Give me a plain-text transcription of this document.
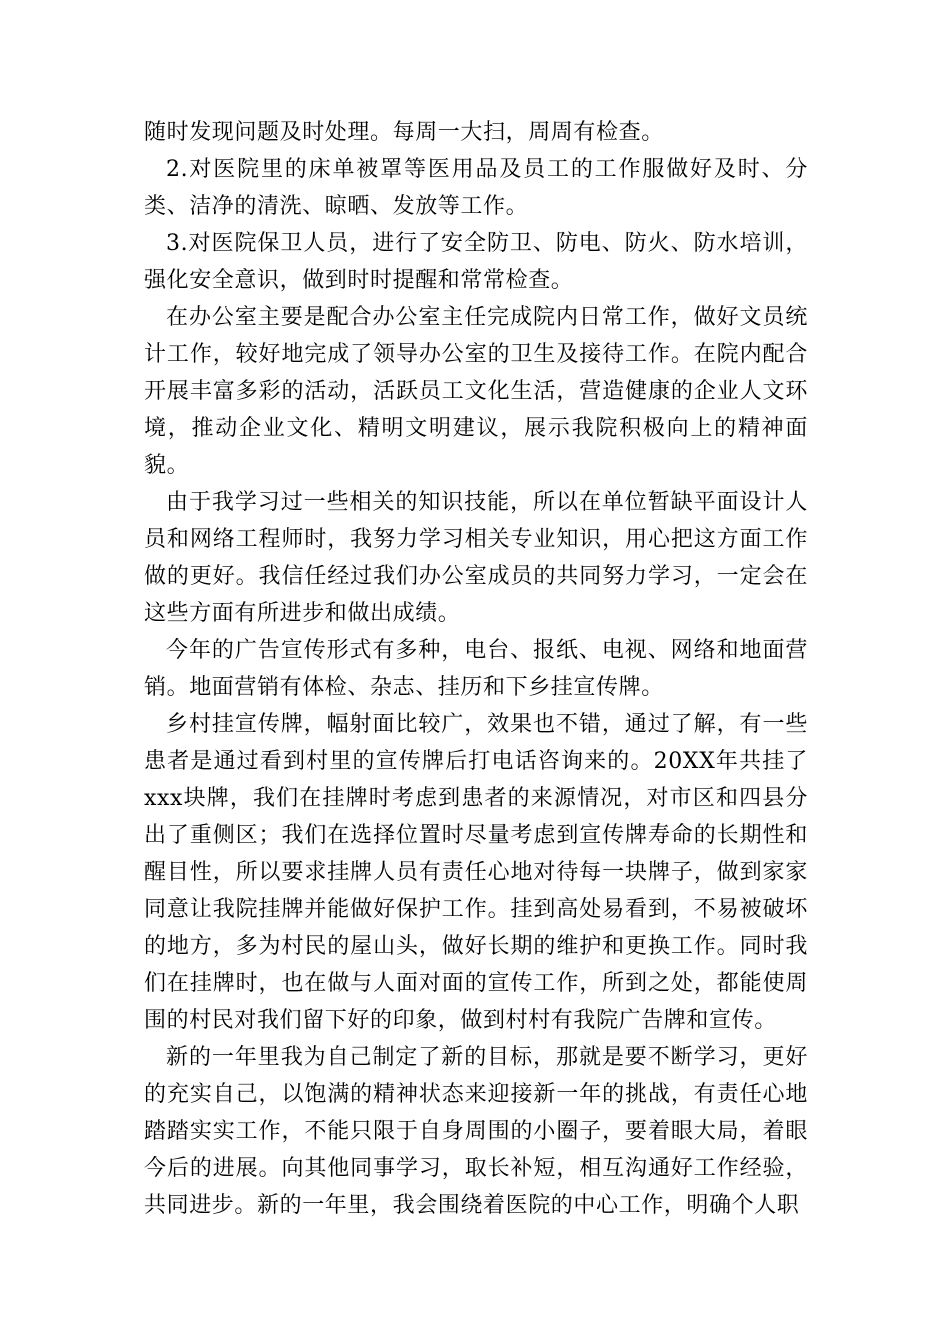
随时发现问题及时处理。每周一大扫，周周有检查。

2.对医院里的床单被罩等医用品及员工的工作服做好及时、分类、洁净的清洗、晾晒、发放等工作。

3.对医院保卫人员，进行了安全防卫、防电、防火、防水培训，强化安全意识，做到时时提醒和常常检查。

在办公室主要是配合办公室主任完成院内日常工作，做好文员统计工作，较好地完成了领导办公室的卫生及接待工作。在院内配合开展丰富多彩的活动，活跃员工文化生活，营造健康的企业人文环境，推动企业文化、精明文明建议，展示我院积极向上的精神面貌。

由于我学习过一些相关的知识技能，所以在单位暂缺平面设计人员和网络工程师时，我努力学习相关专业知识，用心把这方面工作做的更好。我信任经过我们办公室成员的共同努力学习，一定会在这些方面有所进步和做出成绩。

今年的广告宣传形式有多种，电台、报纸、电视、网络和地面营销。地面营销有体检、杂志、挂历和下乡挂宣传牌。

乡村挂宣传牌，幅射面比较广，效果也不错，通过了解，有一些患者是通过看到村里的宣传牌后打电话咨询来的。20XX年共挂了xxx块牌，我们在挂牌时考虑到患者的来源情况，对市区和四县分出了重侧区；我们在选择位置时尽量考虑到宣传牌寿命的长期性和醒目性，所以要求挂牌人员有责任心地对待每一块牌子，做到家家同意让我院挂牌并能做好保护工作。挂到高处易看到，不易被破坏的地方，多为村民的屋山头，做好长期的维护和更换工作。同时我们在挂牌时，也在做与人面对面的宣传工作，所到之处，都能使周围的村民对我们留下好的印象，做到村村有我院广告牌和宣传。

新的一年里我为自己制定了新的目标，那就是要不断学习，更好的充实自己，以饱满的精神状态来迎接新一年的挑战，有责任心地踏踏实实工作，不能只限于自身周围的小圈子，要着眼大局，着眼今后的进展。向其他同事学习，取长补短，相互沟通好工作经验，共同进步。新的一年里，我会围绕着医院的中心工作，明确个人职
